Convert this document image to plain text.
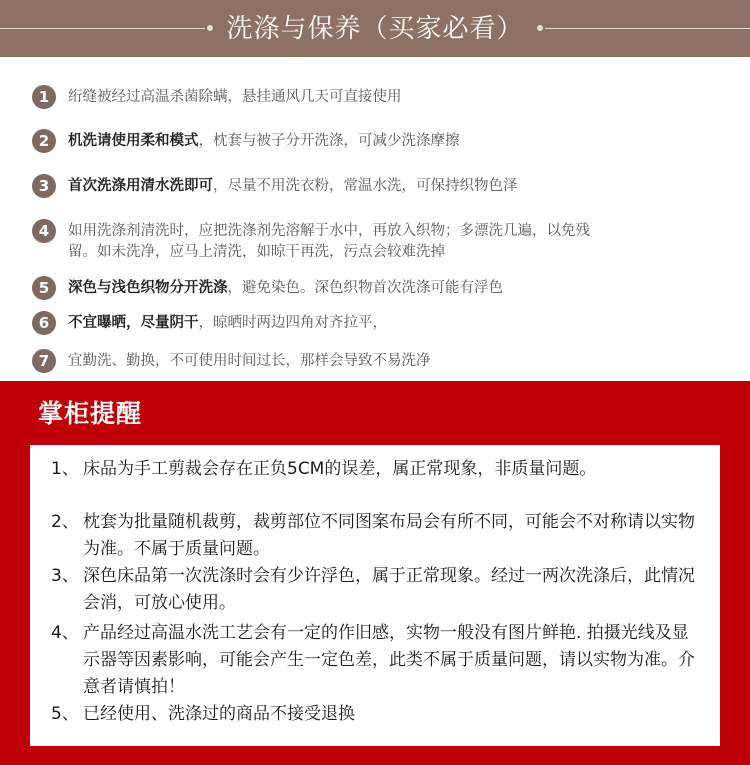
洗涤与保养（买家必看）
1	绗缝被经过高温杀菌除螨，悬挂通风几天可直接使用
2	机洗请使用柔和模式，枕套与被子分开洗涤，可减少洗涤摩擦
3	首次洗涤用清水洗即可，尽量不用洗衣粉，常温水洗，可保持织物色泽
4	如用洗涤剂清洗时，应把洗涤剂先溶解于水中，再放入织物；多漂洗几遍，以免残留。如未洗净，应马上清洗，如晾干再洗，污点会较难洗掉
5	深色与浅色织物分开洗涤，避免染色。深色织物首次洗涤可能有浮色
6	不宜曝晒，尽量阴干，晾晒时两边四角对齐拉平，
7	宜勤洗、勤换，不可使用时间过长，那样会导致不易洗净
掌柜提醒
1、 床品为手工剪裁会存在正负5CM的误差，属正常现象，非质量问题。
2、 枕套为批量随机裁剪，裁剪部位不同图案布局会有所不同，可能会不对称请以实物为准。不属于质量问题。
3、 深色床品第一次洗涤时会有少许浮色，属于正常现象。经过一两次洗涤后，此情况会消，可放心使用。
4、 产品经过高温水洗工艺会有一定的作旧感，实物一般没有图片鲜艳. 拍摄光线及显示器等因素影响，可能会产生一定色差，此类不属于质量问题，请以实物为准。介意者请慎拍！
5、 已经使用、洗涤过的商品不接受退换
